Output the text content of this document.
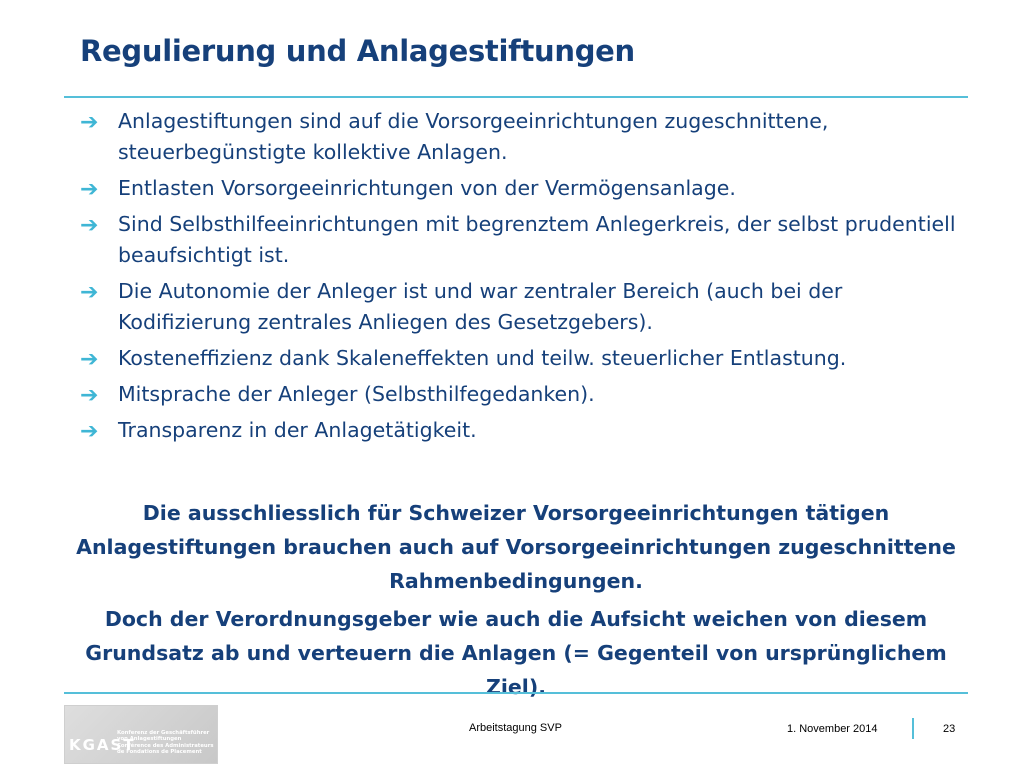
Regulierung und Anlagestiftungen
➔ Anlagestiftungen sind auf die Vorsorgeeinrichtungen zugeschnittene, steuerbegünstigte kollektive Anlagen.
➔ Entlasten Vorsorgeeinrichtungen von der Vermögensanlage.
➔ Sind Selbsthilfeeinrichtungen mit begrenztem Anlegerkreis, der selbst prudentiell beaufsichtigt ist.
➔ Die Autonomie der Anleger ist und war zentraler Bereich (auch bei der Kodifizierung zentrales Anliegen des Gesetzgebers).
➔ Kosteneffizienz dank Skaleneffekten und teilw. steuerlicher Entlastung.
➔ Mitsprache der Anleger (Selbsthilfegedanken).
➔ Transparenz in der Anlagetätigkeit.

Die ausschliesslich für Schweizer Vorsorgeeinrichtungen tätigen Anlagestiftungen brauchen auch auf Vorsorgeeinrichtungen zugeschnittene Rahmenbedingungen.

Doch der Verordnungsgeber wie auch die Aufsicht weichen von diesem Grundsatz ab und verteuern die Anlagen (= Gegenteil von ursprünglichem Ziel).

KGAST
Konferenz der Geschäftsführer
von Anlagestiftungen
Conférence des Administrateurs
de Fondations de Placement
Arbeitstagung SVP	1. November 2014	23
